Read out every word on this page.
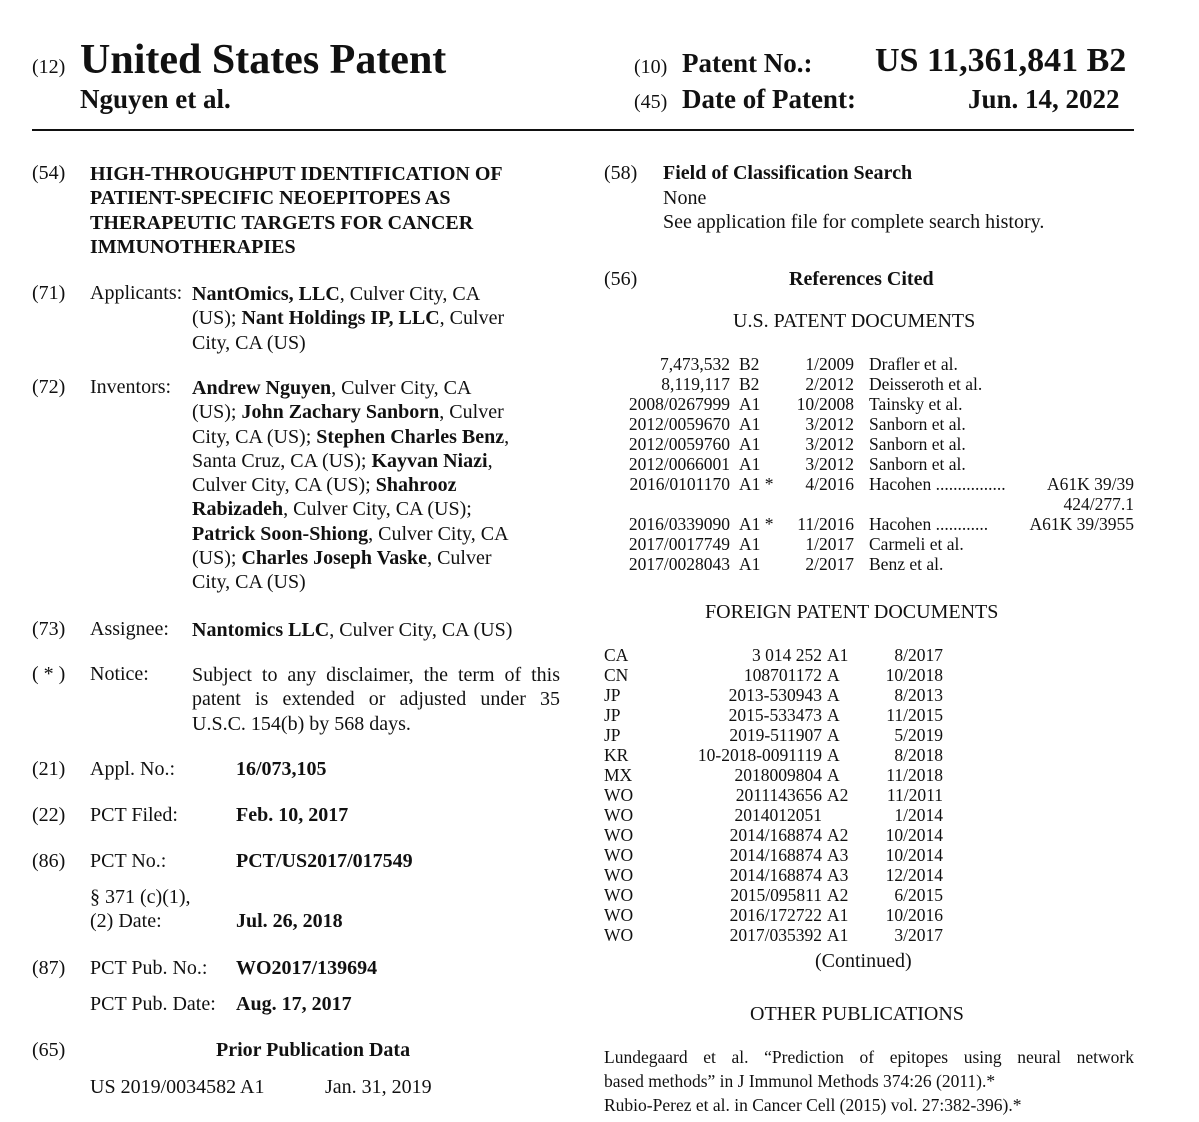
(12) United States Patent
Nguyen et al.
(10) Patent No.: US 11,361,841 B2
(45) Date of Patent:	Jun. 14, 2022
(54) HIGH-THROUGHPUT IDENTIFICATION OF
PATIENT-SPECIFIC NEOEPITOPES AS
THERAPEUTIC TARGETS FOR CANCER
IMMUNOTHERAPIES
(71) Applicants: NantOmics, LLC, Culver City, CA
(US); Nant Holdings IP, LLC, Culver
City, CA (US)
(72) Inventors: Andrew Nguyen, Culver City, CA
(US); John Zachary Sanborn, Culver
City, CA (US); Stephen Charles Benz,
Santa Cruz, CA (US); Kayvan Niazi,
Culver City, CA (US); Shahrooz
Rabizadeh, Culver City, CA (US);
Patrick Soon-Shiong, Culver City, CA
(US); Charles Joseph Vaske, Culver
City, CA (US)
(73) Assignee: Nantomics LLC, Culver City, CA (US)
( * ) Notice: Subject to any disclaimer, the term of this
patent is extended or adjusted under 35
U.S.C. 154(b) by 568 days.
(21) Appl. No.:	16/073,105
(22) PCT Filed:	Feb. 10, 2017
(86) PCT No.:	PCT/US2017/017549
§ 371 (c)(1),
(2) Date:	Jul. 26, 2018
(87) PCT Pub. No.: WO2017/139694
PCT Pub. Date: Aug. 17, 2017
(65)	Prior Publication Data
US 2019/0034582 A1	Jan. 31, 2019
(58) Field of Classification Search
None
See application file for complete search history.
(56)	References Cited
U.S. PATENT DOCUMENTS
7,473,532 B2	1/2009 Drafler et al.
8,119,117 B2	2/2012 Deisseroth et al.
2008/0267999 A1	10/2008 Tainsky et al.
2012/0059670 A1	3/2012 Sanborn et al.
2012/0059760 A1	3/2012 Sanborn et al.
2012/0066001 A1	3/2012 Sanborn et al.
2016/0101170 A1 *	4/2016 Hacohen ................	A61K 39/39
424/277.1
2016/0339090 A1 *	11/2016 Hacohen ............	A61K 39/3955
2017/0017749 A1	1/2017 Carmeli et al.
2017/0028043 A1	2/2017 Benz et al.
FOREIGN PATENT DOCUMENTS
CA	3 014 252 A1	8/2017
CN	108701172 A	10/2018
JP	2013-530943 A	8/2013
JP	2015-533473 A	11/2015
JP	2019-511907 A	5/2019
KR	10-2018-0091119 A	8/2018
MX	2018009804 A	11/2018
WO	2011143656 A2	11/2011
WO	2014012051	1/2014
WO	2014/168874 A2	10/2014
WO	2014/168874 A3	10/2014
WO	2014/168874 A3	12/2014
WO	2015/095811 A2	6/2015
WO	2016/172722 A1	10/2016
WO	2017/035392 A1	3/2017
(Continued)
OTHER PUBLICATIONS
Lundegaard et al. “Prediction of epitopes using neural network
based methods” in J Immunol Methods 374:26 (2011).*
Rubio-Perez et al. in Cancer Cell (2015) vol. 27:382-396).*
